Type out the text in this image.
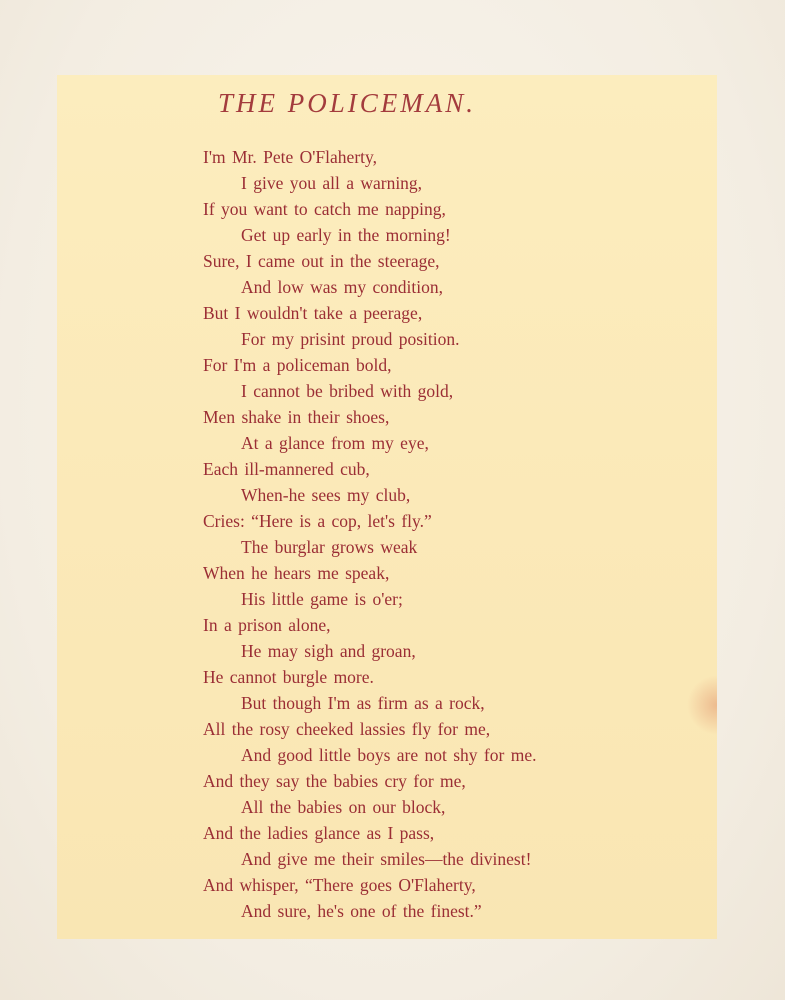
THE POLICEMAN.
I'm Mr. Pete O'Flaherty,
I give you all a warning,
If you want to catch me napping,
Get up early in the morning!
Sure, I came out in the steerage,
And low was my condition,
But I wouldn't take a peerage,
For my prisint proud position.
For I'm a policeman bold,
I cannot be bribed with gold,
Men shake in their shoes,
At a glance from my eye,
Each ill-mannered cub,
When-he sees my club,
Cries: “Here is a cop, let's fly.”
The burglar grows weak
When he hears me speak,
His little game is o'er;
In a prison alone,
He may sigh and groan,
He cannot burgle more.
But though I'm as firm as a rock,
All the rosy cheeked lassies fly for me,
And good little boys are not shy for me.
And they say the babies cry for me,
All the babies on our block,
And the ladies glance as I pass,
And give me their smiles—the divinest!
And whisper, “There goes O'Flaherty,
And sure, he's one of the finest.”
